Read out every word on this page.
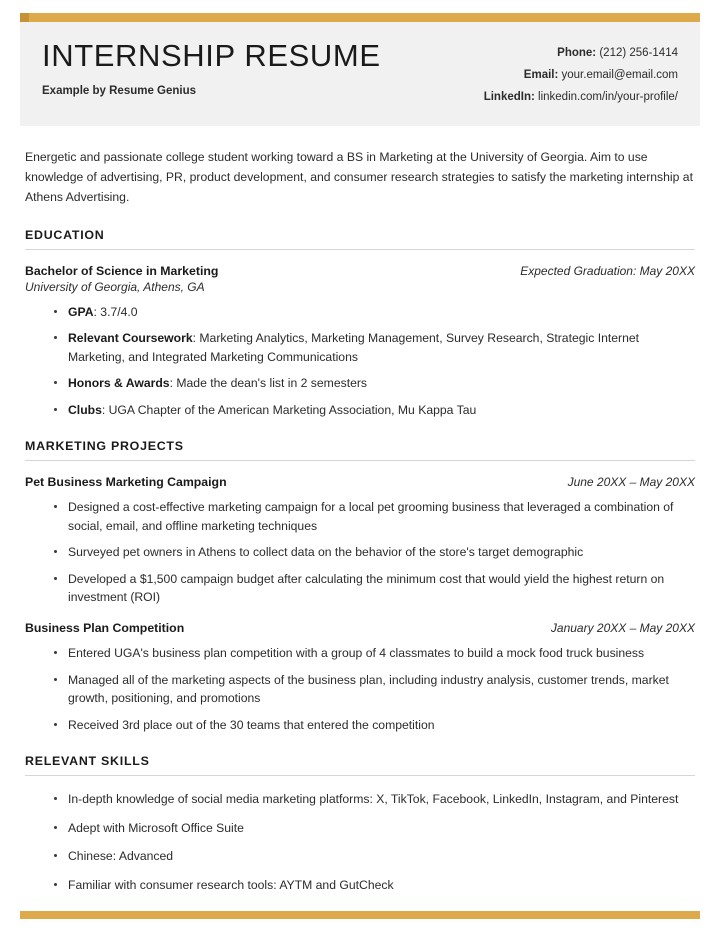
INTERNSHIP RESUME
Example by Resume Genius
Phone: (212) 256-1414
Email: your.email@email.com
LinkedIn: linkedin.com/in/your-profile/

Energetic and passionate college student working toward a BS in Marketing at the University of Georgia. Aim to use knowledge of advertising, PR, product development, and consumer research strategies to satisfy the marketing internship at Athens Advertising.

EDUCATION
Bachelor of Science in Marketing	Expected Graduation: May 20XX
University of Georgia, Athens, GA
GPA: 3.7/4.0
Relevant Coursework: Marketing Analytics, Marketing Management, Survey Research, Strategic Internet Marketing, and Integrated Marketing Communications
Honors & Awards: Made the dean's list in 2 semesters
Clubs: UGA Chapter of the American Marketing Association, Mu Kappa Tau
MARKETING PROJECTS
Pet Business Marketing Campaign	June 20XX – May 20XX
Designed a cost-effective marketing campaign for a local pet grooming business that leveraged a combination of social, email, and offline marketing techniques
Surveyed pet owners in Athens to collect data on the behavior of the store's target demographic
Developed a $1,500 campaign budget after calculating the minimum cost that would yield the highest return on investment (ROI)
Business Plan Competition	January 20XX – May 20XX
Entered UGA's business plan competition with a group of 4 classmates to build a mock food truck business
Managed all of the marketing aspects of the business plan, including industry analysis, customer trends, market growth, positioning, and promotions
Received 3rd place out of the 30 teams that entered the competition
RELEVANT SKILLS
In-depth knowledge of social media marketing platforms: X, TikTok, Facebook, LinkedIn, Instagram, and Pinterest
Adept with Microsoft Office Suite
Chinese: Advanced
Familiar with consumer research tools: AYTM and GutCheck
